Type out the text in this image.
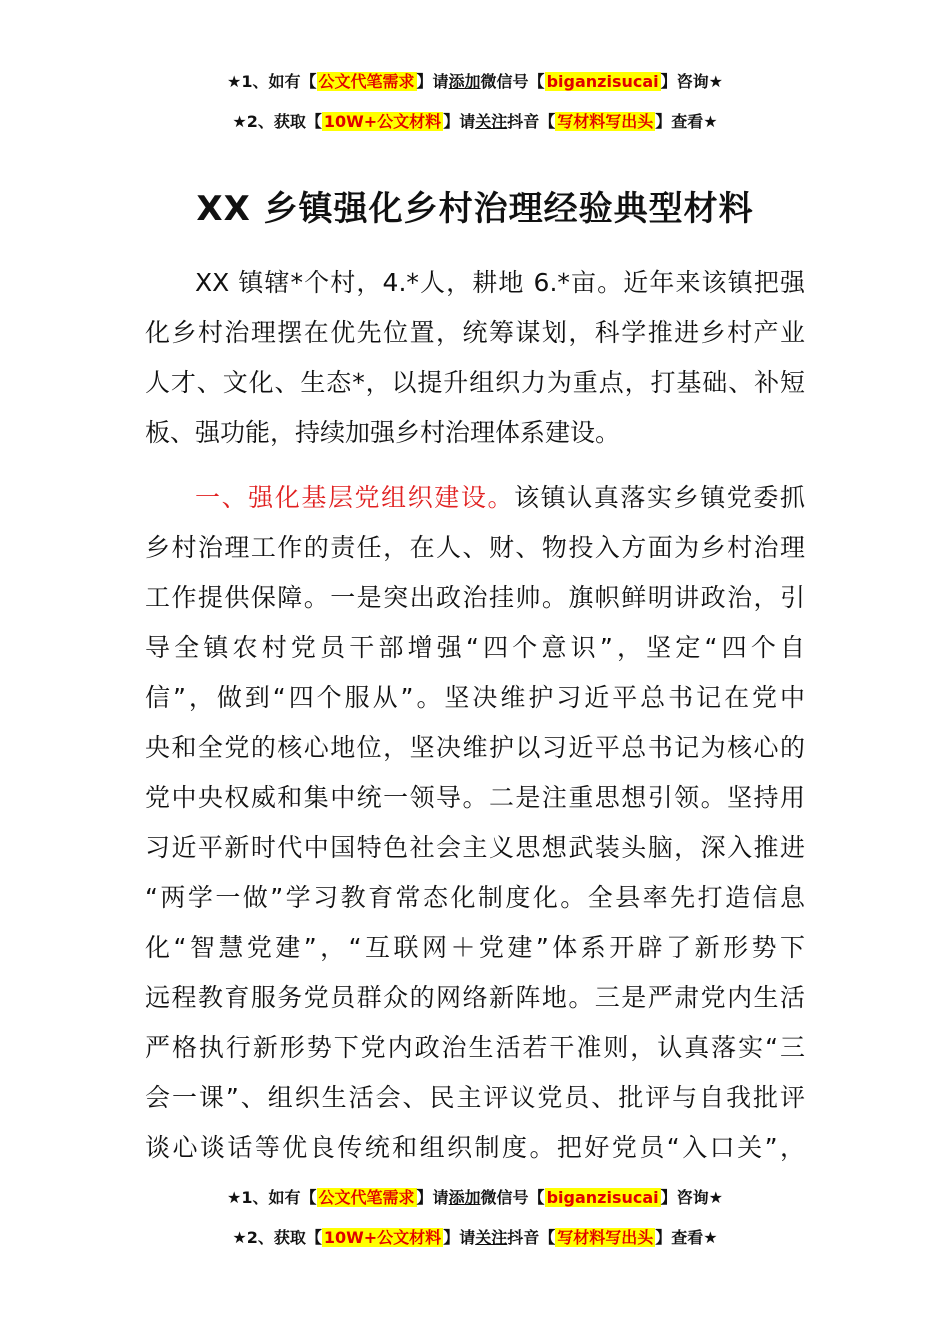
★1、如有【 公文代笔需求 】请添加微信号【 biganzisucai 】咨询★
★2、获取【 10W+公文材料 】请关注抖音【 写材料写出头 】查看★
XX 乡镇强化乡村治理经验典型材料
XX 镇辖*个村，4.*人，耕地 6.*亩。近年来该镇把强
化乡村治理摆在优先位置，统筹谋划，科学推进乡村产业
人才、文化、生态*，以提升组织力为重点，打基础、补短
板、强功能，持续加强乡村治理体系建设。
一、强化基层党组织建设。该镇认真落实乡镇党委抓
乡村治理工作的责任，在人、财、物投入方面为乡村治理
工作提供保障。一是突出政治挂帅。旗帜鲜明讲政治，引
导全镇农村党员干部增强“四个意识”，坚定“四个自
信”，做到“四个服从”。坚决维护习近平总书记在党中
央和全党的核心地位，坚决维护以习近平总书记为核心的
党中央权威和集中统一领导。二是注重思想引领。坚持用
习近平新时代中国特色社会主义思想武装头脑，深入推进
“两学一做”学习教育常态化制度化。全县率先打造信息
化“智慧党建”，“互联网＋党建”体系开辟了新形势下
远程教育服务党员群众的网络新阵地。三是严肃党内生活
严格执行新形势下党内政治生活若干准则，认真落实“三
会一课”、组织生活会、民主评议党员、批评与自我批评
谈心谈话等优良传统和组织制度。把好党员“入口关”，
★1、如有【 公文代笔需求 】请添加微信号【 biganzisucai 】咨询★
★2、获取【 10W+公文材料 】请关注抖音【 写材料写出头 】查看★
